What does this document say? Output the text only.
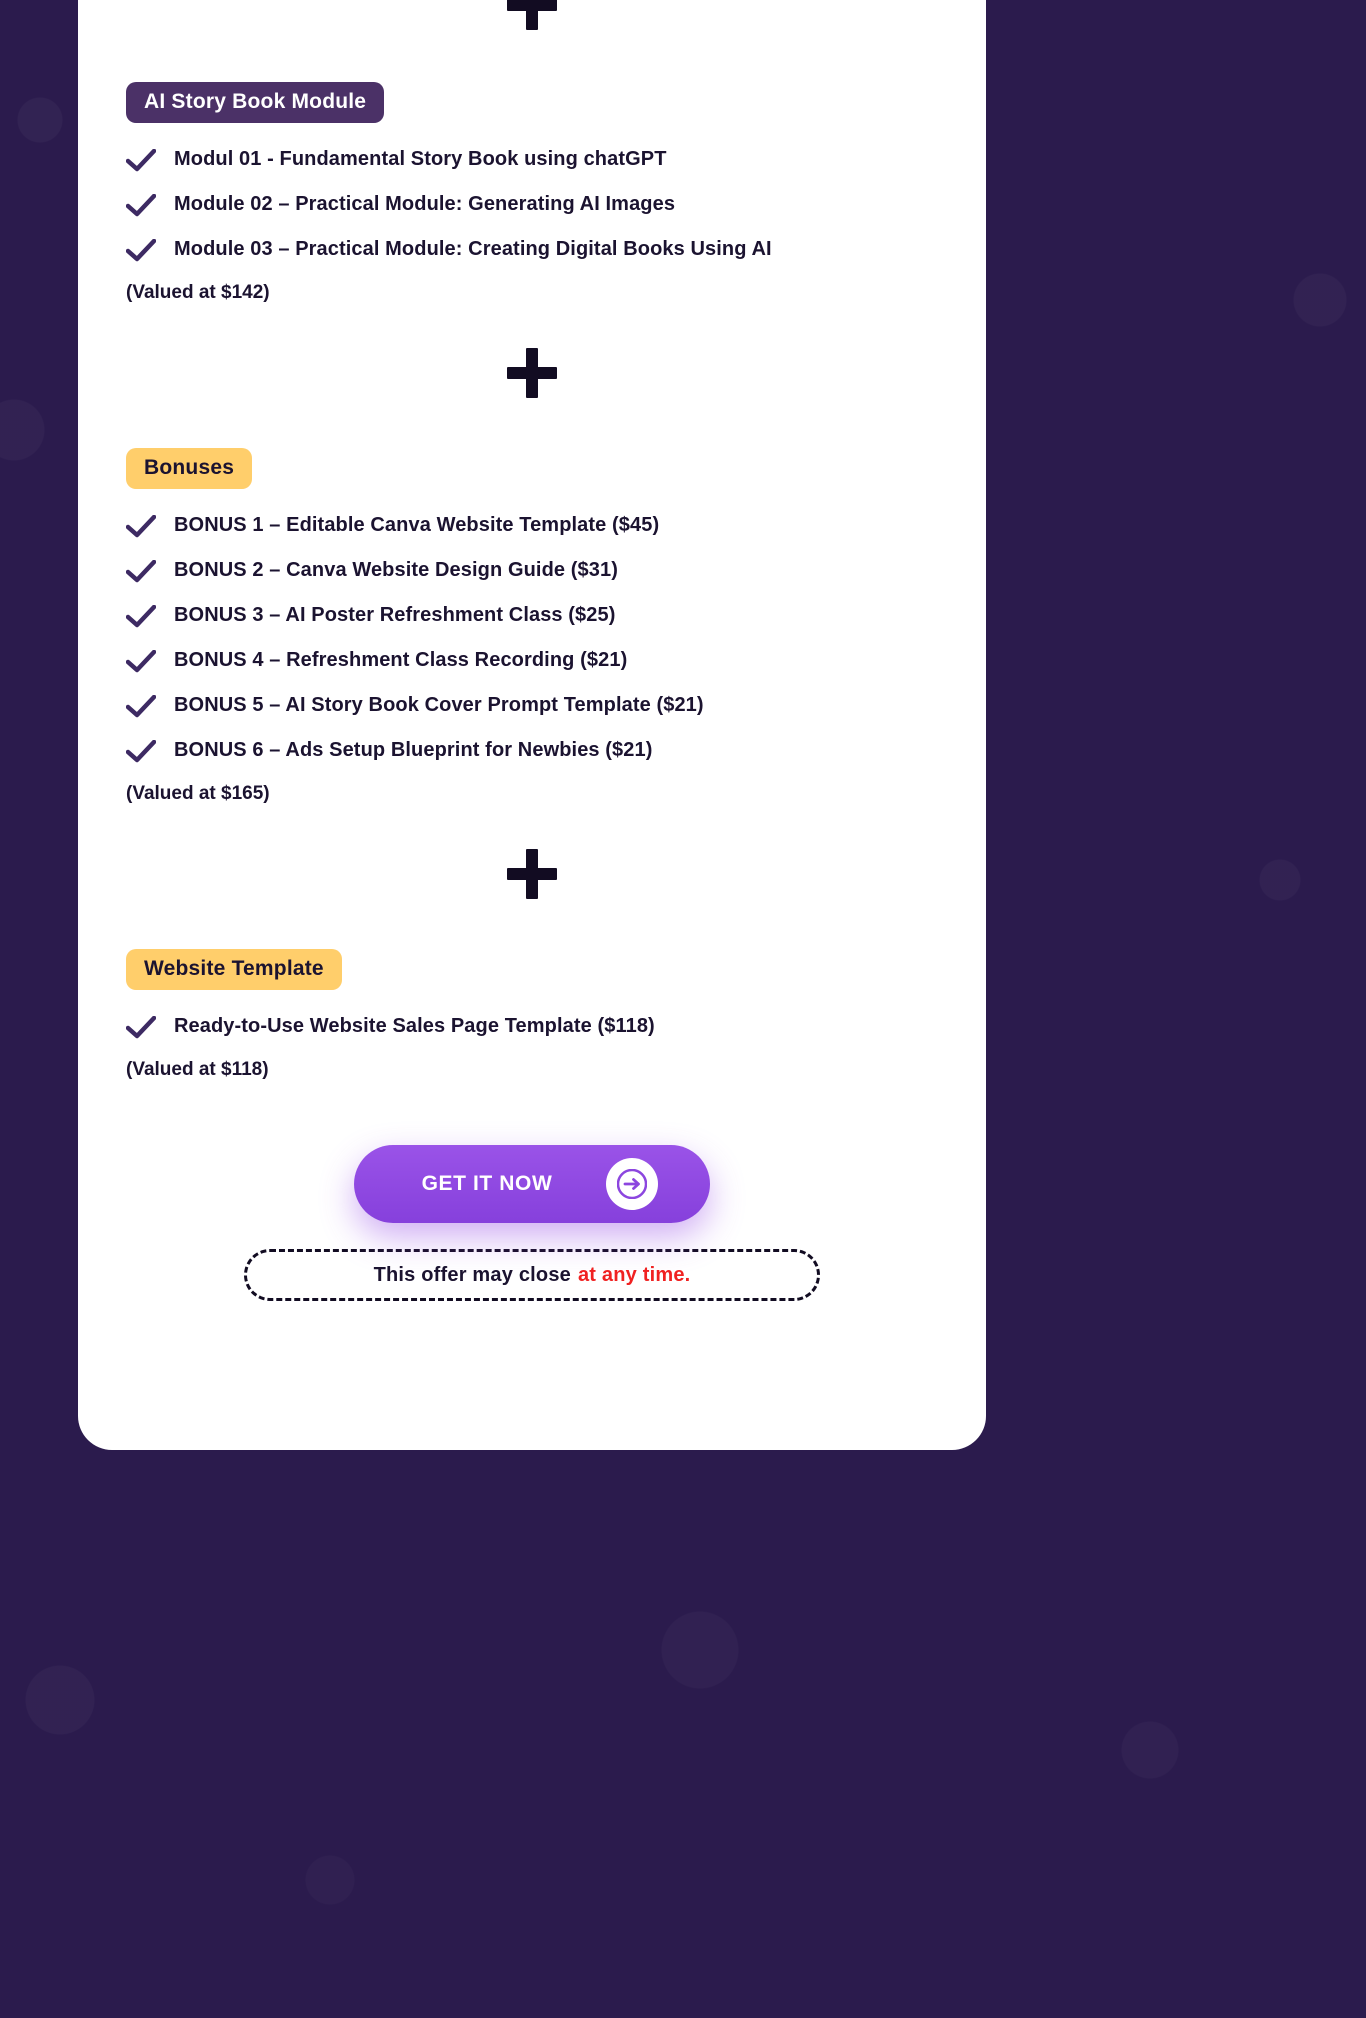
AI Story Book Module
Modul 01 - Fundamental Story Book using chatGPT
Module 02 – Practical Module: Generating AI Images
Module 03 – Practical Module: Creating Digital Books Using AI
(Valued at $142)
Bonuses
BONUS 1 – Editable Canva Website Template ($45)
BONUS 2 – Canva Website Design Guide ($31)
BONUS 3 – AI Poster Refreshment Class ($25)
BONUS 4 – Refreshment Class Recording ($21)
BONUS 5 – AI Story Book Cover Prompt Template ($21)
BONUS 6 – Ads Setup Blueprint for Newbies ($21)
(Valued at $165)
Website Template
Ready-to-Use Website Sales Page Template ($118)
(Valued at $118)
GET IT NOW
This offer may close at any time.
